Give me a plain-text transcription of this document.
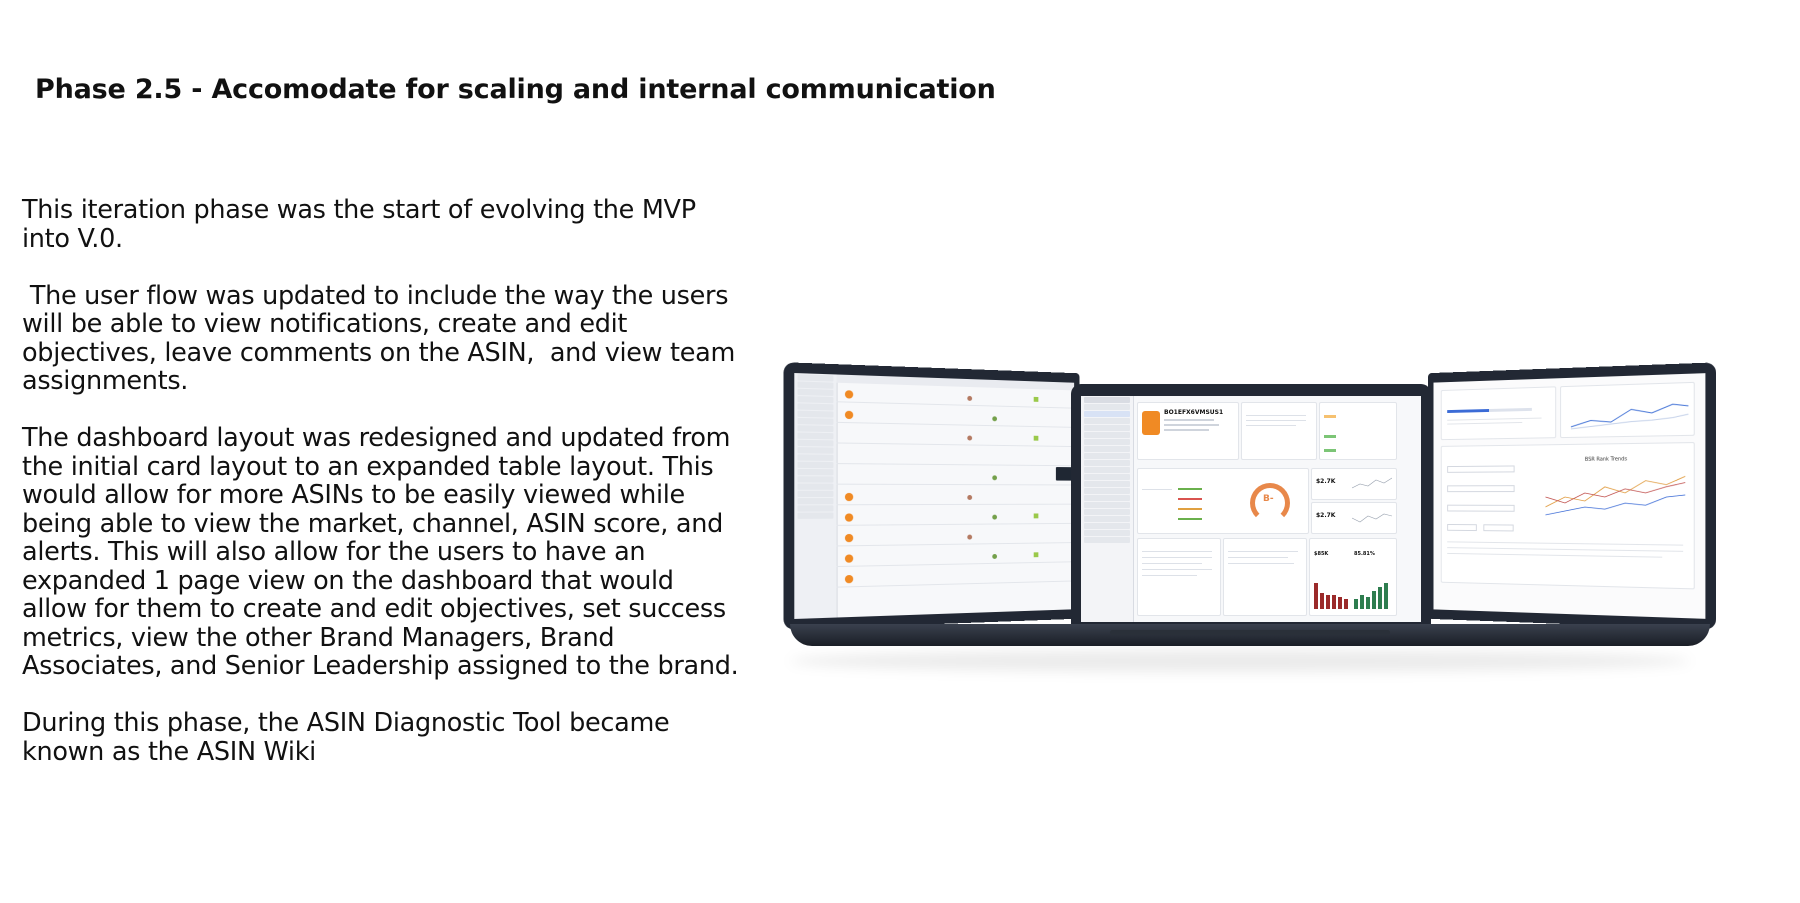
Phase 2.5 - Accomodate for scaling and internal communication

This iteration phase was the start of evolving the MVP into V.0.

The user flow was updated to include the way the users will be able to view notifications, create and edit objectives, leave comments on the ASIN,  and view team assignments.

The dashboard layout was redesigned and updated from the initial card layout to an expanded table layout. This would allow for more ASINs to be easily viewed while being able to view the market, channel, ASIN score, and alerts. This will also allow for the users to have an expanded 1 page view on the dashboard that would allow for them to create and edit objectives, set success metrics, view the other Brand Managers, Brand Associates, and Senior Leadership assigned to the brand.

During this phase, the ASIN Diagnostic Tool became known as the ASIN Wiki

BSR Rank Trends
BO1EFX6VMSUS1
B-
$2.7K
$2.7K
$85K	85.81%
